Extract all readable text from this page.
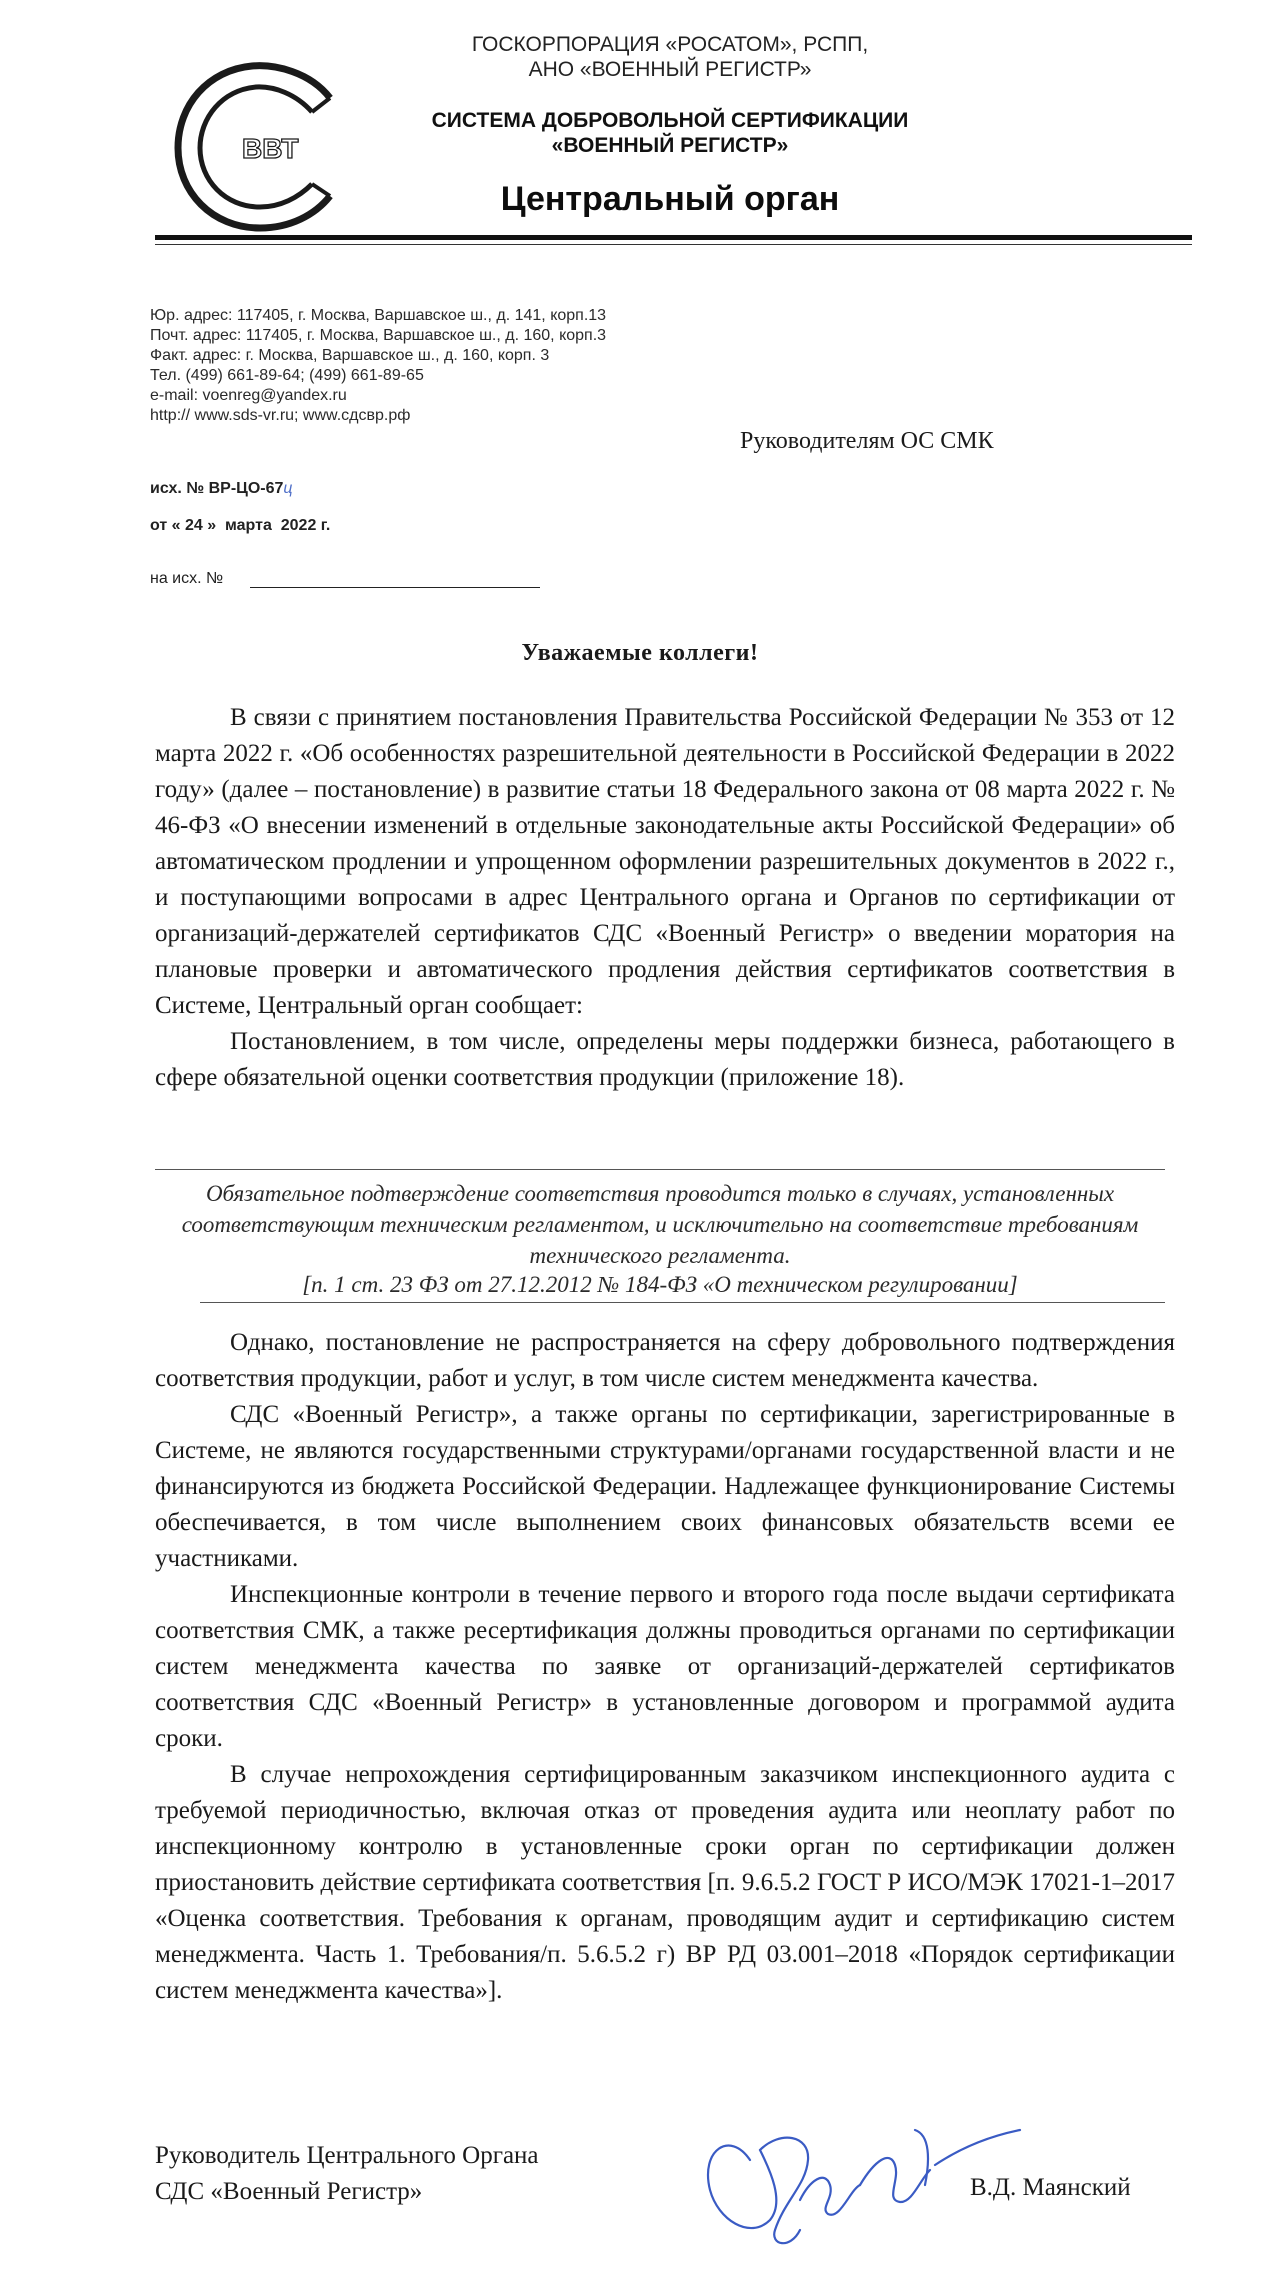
ВВТ
ГОСКОРПОРАЦИЯ «РОСАТОМ», РСПП,
АНО «ВОЕННЫЙ РЕГИСТР»
СИСТЕМА ДОБРОВОЛЬНОЙ СЕРТИФИКАЦИИ
«ВОЕННЫЙ РЕГИСТР»
Центральный орган
Юр. адрес: 117405, г. Москва, Варшавское ш., д. 141, корп.13
Почт. адрес: 117405, г. Москва, Варшавское ш., д. 160, корп.3
Факт. адрес: г. Москва, Варшавское ш., д. 160, корп. 3
Тел. (499) 661-89-64; (499) 661-89-65
e-mail: voenreg@yandex.ru
http:// www.sds-vr.ru; www.сдсвр.рф
Руководителям ОС СМК
исх. № ВР-ЦО-67ц
от « 24 »  марта  2022 г.
на исх. №
Уважаемые коллеги!

В связи с принятием постановления Правительства Российской Федерации № 353 от 12 марта 2022 г. «Об особенностях разрешительной деятельности в Российской Федерации в 2022 году» (далее – постановление) в развитие статьи 18 Федерального закона от 08 марта 2022 г. № 46-ФЗ «О внесении изменений в отдельные законодательные акты Российской Федерации» об автоматическом продлении и упрощенном оформлении разрешительных документов в 2022 г., и поступающими вопросами в адрес Центрального органа и Органов по сертификации от организаций-держателей сертификатов СДС «Военный Регистр» о введении моратория на плановые проверки и автоматического продления действия сертификатов соответствия в Системе, Центральный орган сообщает:

Постановлением, в том числе, определены меры поддержки бизнеса, работающего в сфере обязательной оценки соответствия продукции (приложение 18).

Обязательное подтверждение соответствия проводится только в случаях, установленных соответствующим техническим регламентом, и исключительно на соответствие требованиям технического регламента.
[п. 1 ст. 23 ФЗ от 27.12.2012 № 184-ФЗ «О техническом регулировании]

Однако, постановление не распространяется на сферу добровольного подтверждения соответствия продукции, работ и услуг, в том числе систем менеджмента качества.

СДС «Военный Регистр», а также органы по сертификации, зарегистрированные в Системе, не являются государственными структурами/органами государственной власти и не финансируются из бюджета Российской Федерации. Надлежащее функционирование Системы обеспечивается, в том числе выполнением своих финансовых обязательств всеми ее участниками.

Инспекционные контроли в течение первого и второго года после выдачи сертификата соответствия СМК, а также ресертификация должны проводиться органами по сертификации систем менеджмента качества по заявке от организаций-держателей сертификатов соответствия СДС «Военный Регистр» в установленные договором и программой аудита сроки.

В случае непрохождения сертифицированным заказчиком инспекционного аудита с требуемой периодичностью, включая отказ от проведения аудита или неоплату работ по инспекционному контролю в установленные сроки орган по сертификации должен приостановить действие сертификата соответствия [п. 9.6.5.2 ГОСТ Р ИСО/МЭК 17021-1–2017 «Оценка соответствия. Требования к органам, проводящим аудит и сертификацию систем менеджмента. Часть 1. Требования/п. 5.6.5.2 г) ВР РД 03.001–2018 «Порядок сертификации систем менеджмента качества»].

Руководитель Центрального Органа
СДС «Военный Регистр»	В.Д. Маянский
